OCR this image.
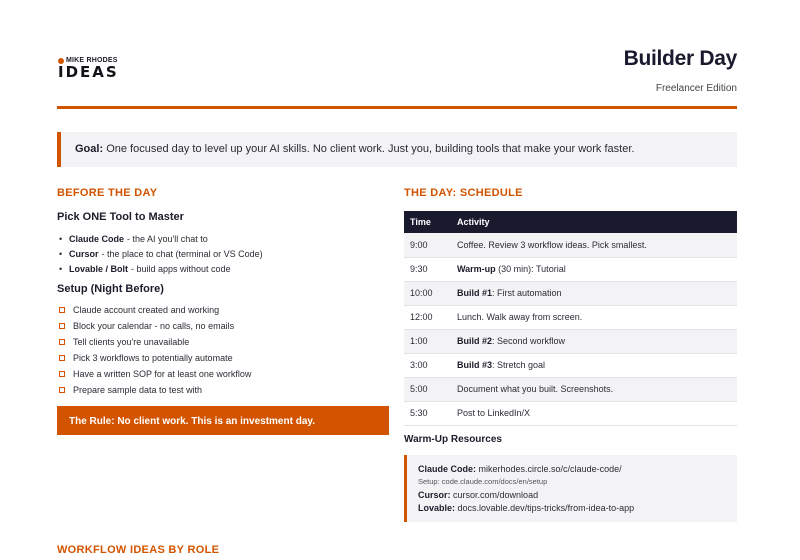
MIKE RHODES
IDEAS
Builder Day
Freelancer Edition
Goal: One focused day to level up your AI skills. No client work. Just you, building tools that make your work faster.
BEFORE THE DAY
Pick ONE Tool to Master
• Claude Code - the AI you'll chat to
• Cursor - the place to chat (terminal or VS Code)
• Lovable / Bolt - build apps without code
Setup (Night Before)
Claude account created and working
Block your calendar - no calls, no emails
Tell clients you're unavailable
Pick 3 workflows to potentially automate
Have a written SOP for at least one workflow
Prepare sample data to test with
The Rule: No client work. This is an investment day.
THE DAY: SCHEDULE
Time	Activity
9:00	Coffee. Review 3 workflow ideas. Pick smallest.
9:30	Warm-up (30 min): Tutorial
10:00	Build #1: First automation
12:00	Lunch. Walk away from screen.
1:00	Build #2: Second workflow
3:00	Build #3: Stretch goal
5:00	Document what you built. Screenshots.
5:30	Post to LinkedIn/X
Warm-Up Resources
Claude Code: mikerhodes.circle.so/c/claude-code/
Setup: code.claude.com/docs/en/setup
Cursor: cursor.com/download
Lovable: docs.lovable.dev/tips-tricks/from-idea-to-app
WORKFLOW IDEAS BY ROLE
